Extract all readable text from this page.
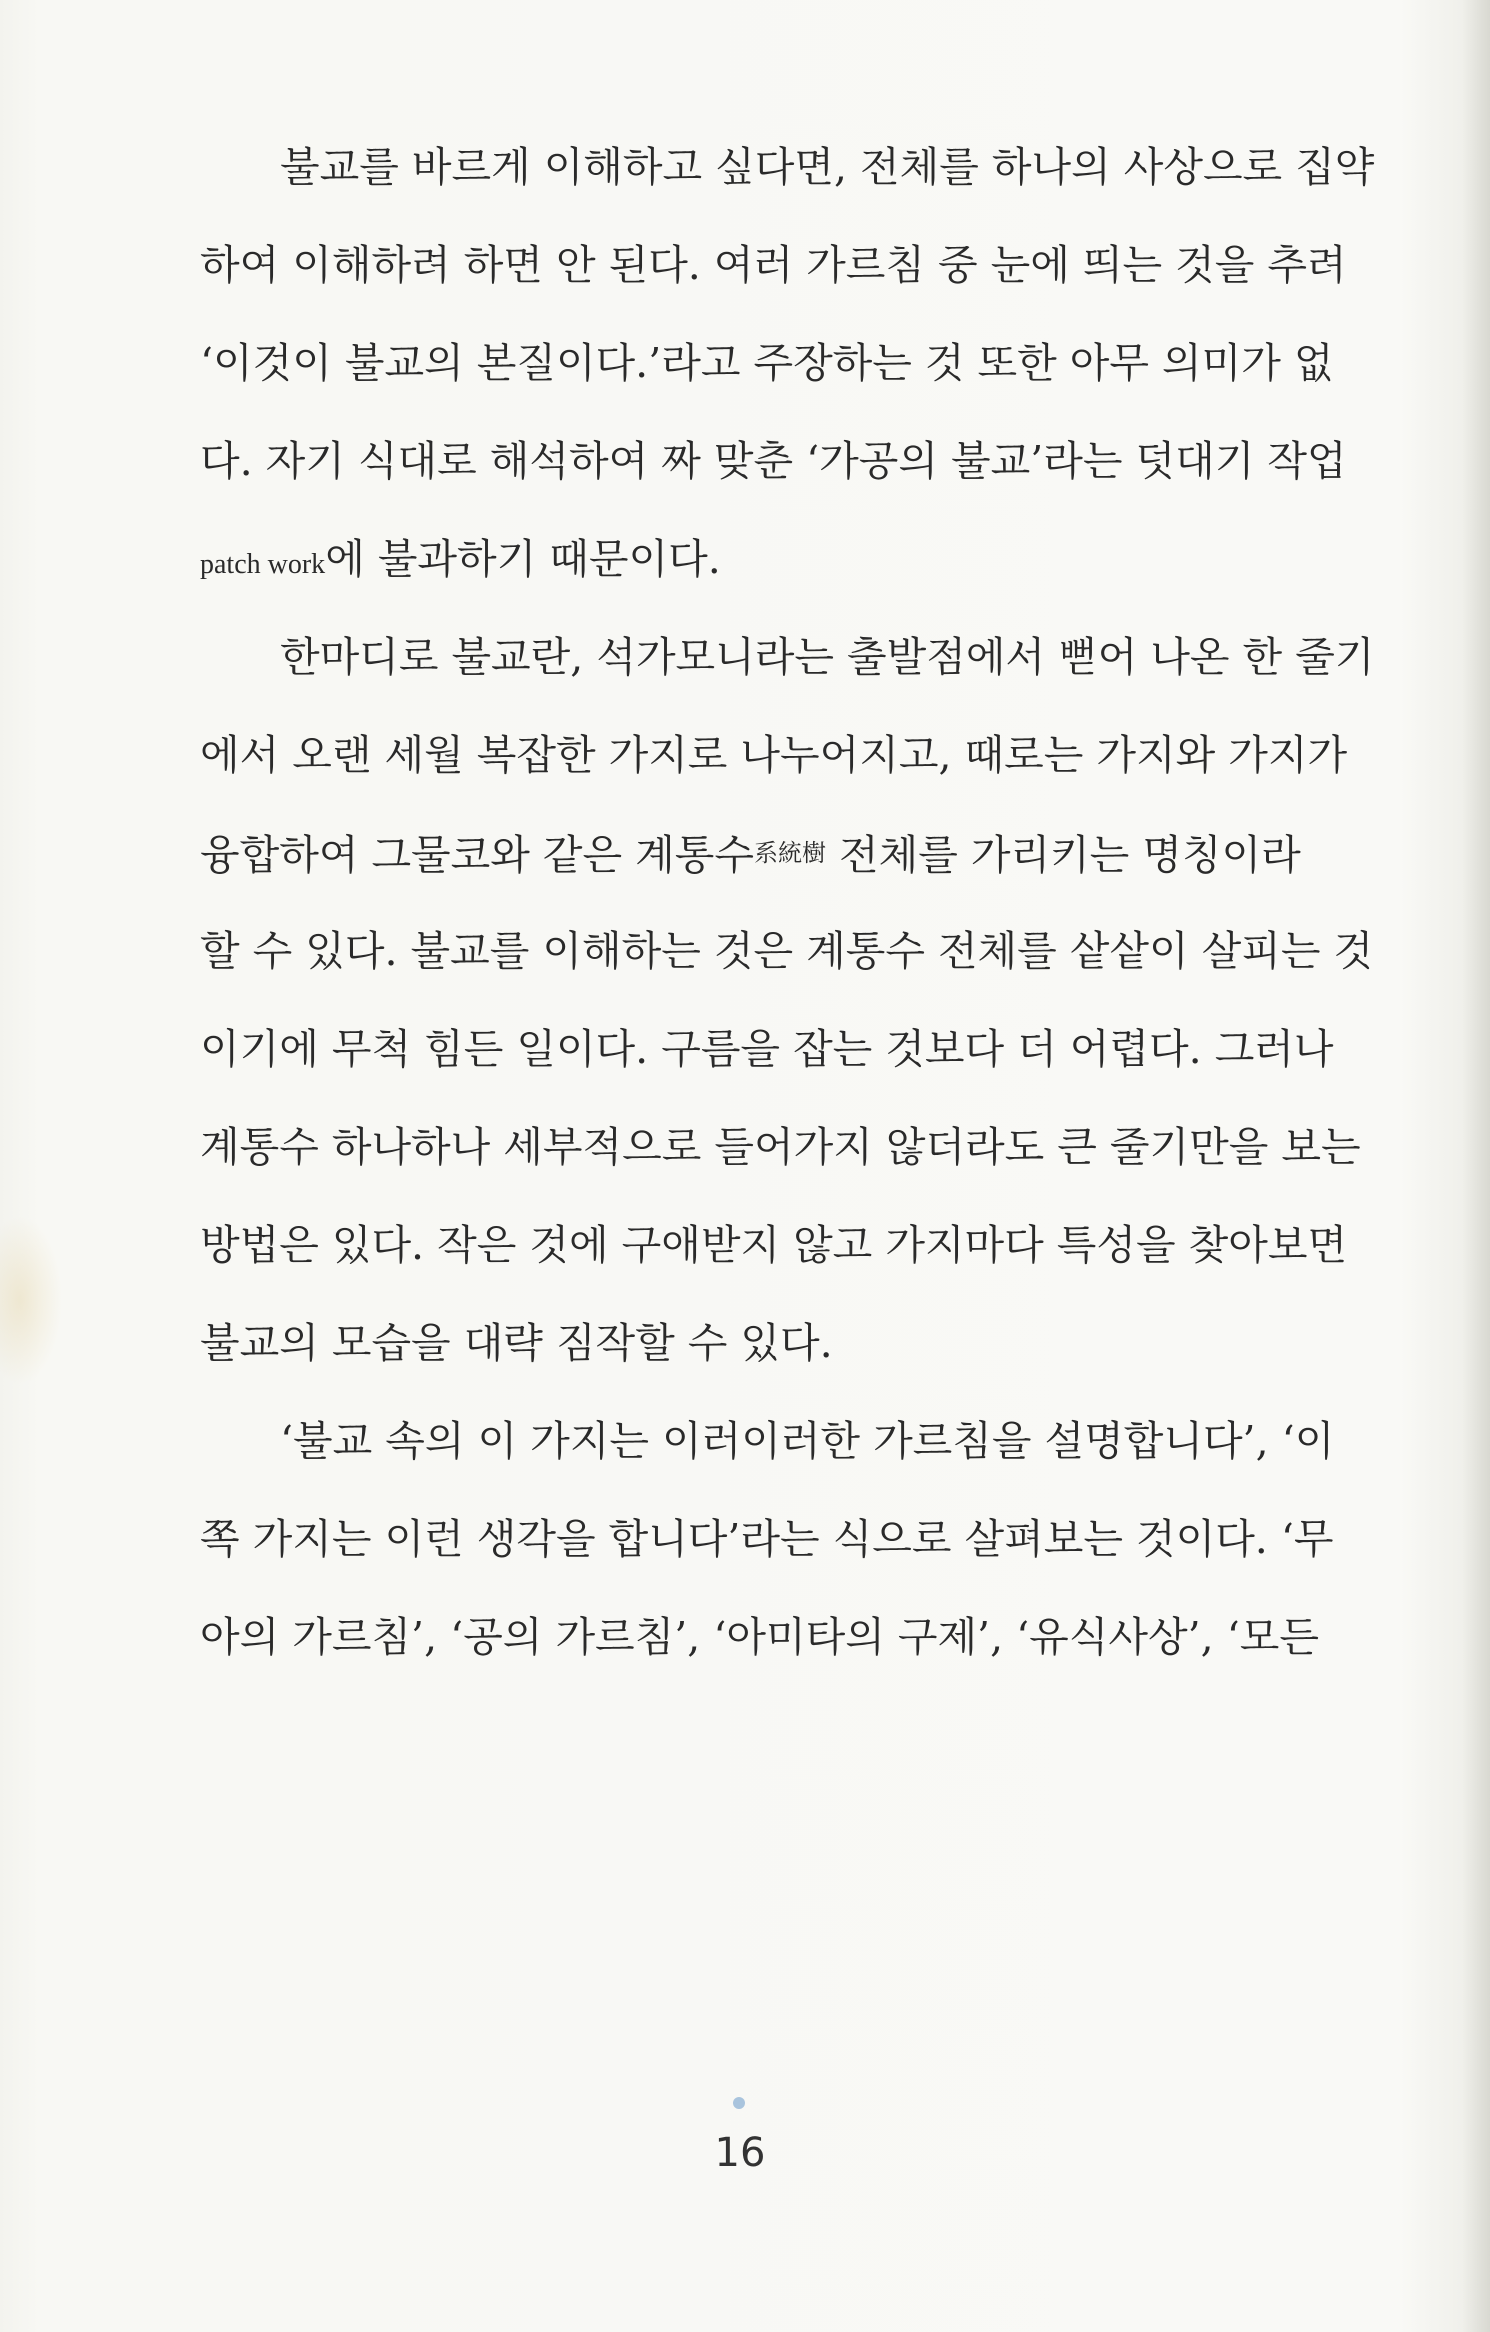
불교를 바르게 이해하고 싶다면, 전체를 하나의 사상으로 집약
하여 이해하려 하면 안 된다. 여러 가르침 중 눈에 띄는 것을 추려
‘이것이 불교의 본질이다.’라고 주장하는 것 또한 아무 의미가 없
다. 자기 식대로 해석하여 짜 맞춘 ‘가공의 불교’라는 덧대기 작업
patch work에 불과하기 때문이다.
한마디로 불교란, 석가모니라는 출발점에서 뻗어 나온 한 줄기
에서 오랜 세월 복잡한 가지로 나누어지고, 때로는 가지와 가지가
융합하여 그물코와 같은 계통수系統樹 전체를 가리키는 명칭이라
할 수 있다. 불교를 이해하는 것은 계통수 전체를 샅샅이 살피는 것
이기에 무척 힘든 일이다. 구름을 잡는 것보다 더 어렵다. 그러나
계통수 하나하나 세부적으로 들어가지 않더라도 큰 줄기만을 보는
방법은 있다. 작은 것에 구애받지 않고 가지마다 특성을 찾아보면
불교의 모습을 대략 짐작할 수 있다.
‘불교 속의 이 가지는 이러이러한 가르침을 설명합니다’, ‘이
쪽 가지는 이런 생각을 합니다’라는 식으로 살펴보는 것이다. ‘무
아의 가르침’, ‘공의 가르침’, ‘아미타의 구제’, ‘유식사상’, ‘모든
16
